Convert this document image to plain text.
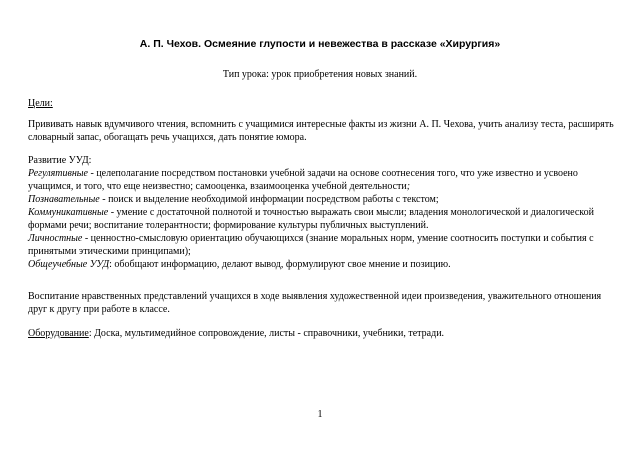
А. П. Чехов. Осмеяние глупости и невежества в рассказе «Хирургия»
Тип урока: урок приобретения новых знаний.
Цели:
Прививать навык вдумчивого чтения, вспомнить с учащимися интересные факты из жизни А. П. Чехова, учить анализу теста, расширять словарный запас, обогащать речь учащихся, дать понятие юмора.

Развитие УУД:

Регулятивные - целеполагание посредством постановки учебной задачи на основе соотнесения того, что уже известно и усвоено учащимся, и того, что еще неизвестно; самооценка, взаимооценка учебной деятельности;

Познавательные - поиск и выделение необходимой информации посредством работы с текстом;

Коммуникативные - умение с достаточной полнотой и точностью выражать свои мысли; владения монологической и диалогической формами речи; воспитание толерантности; формирование культуры публичных выступлений.

Личностные - ценностно-смысловую ориентацию обучающихся (знание моральных норм, умение соотносить поступки и события с принятыми этическими принципами);

Общеучебные УУД: обобщают информацию, делают вывод, формулируют свое мнение и позицию.

Воспитание нравственных представлений учащихся в ходе выявления художественной идеи произведения, уважительного отношения друг к другу при работе в классе.
Оборудование: Доска, мультимедийное сопровождение, листы - справочники, учебники, тетради.
1
